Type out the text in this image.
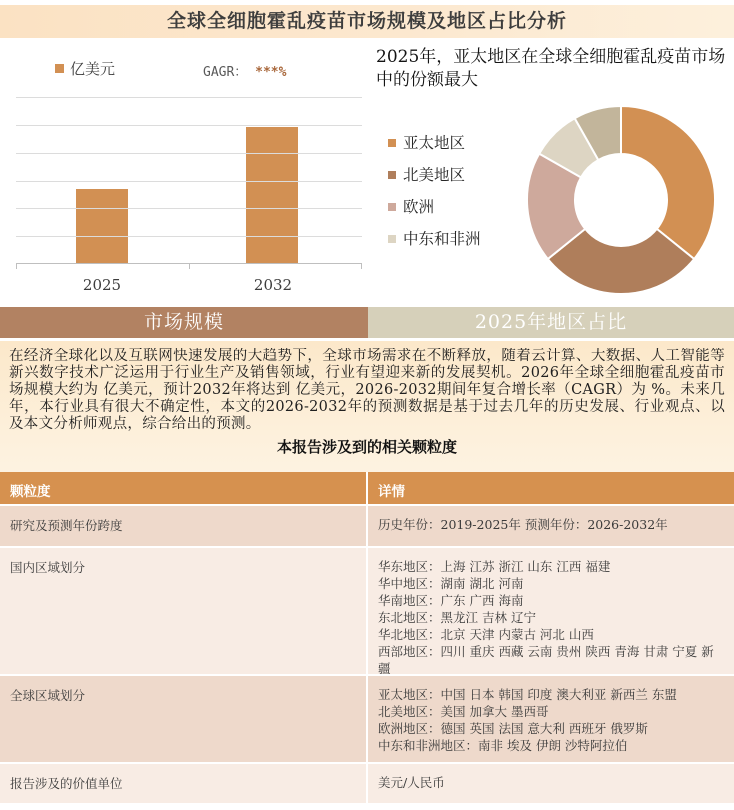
全球全细胞霍乱疫苗市场规模及地区占比分析
亿美元	GAGR： ***%
2025	2032
2025年，亚太地区在全球全细胞霍乱疫苗市场中的份额最大
亚太地区
北美地区
欧洲
中东和非洲
市场规模	2025年地区占比
在经济全球化以及互联网快速发展的大趋势下，全球市场需求在不断释放，随着云计算、大数据、人工智能等新兴数字技术广泛运用于行业生产及销售领域，行业有望迎来新的发展契机。2026年全球全细胞霍乱疫苗市场规模大约为 亿美元，预计2032年将达到 亿美元，2026-2032期间年复合增长率（CAGR）为 %。未来几年，本行业具有很大不确定性，本文的2026-2032年的预测数据是基于过去几年的历史发展、行业观点、以及本文分析师观点，综合给出的预测。
本报告涉及到的相关颗粒度
颗粒度	详情
研究及预测年份跨度	历史年份：2019-2025年 预测年份：2026-2032年
国内区域划分	华东地区：上海 江苏 浙江 山东 江西 福建
华中地区：湖南 湖北 河南
华南地区：广东 广西 海南
东北地区：黑龙江 吉林 辽宁
华北地区：北京 天津 内蒙古 河北 山西
西部地区：四川 重庆 西藏 云南 贵州 陕西 青海 甘肃 宁夏 新疆
全球区域划分	亚太地区：中国 日本 韩国 印度 澳大利亚 新西兰 东盟
北美地区：美国 加拿大 墨西哥
欧洲地区：德国 英国 法国 意大利 西班牙 俄罗斯
中东和非洲地区：南非 埃及 伊朗 沙特阿拉伯
报告涉及的价值单位	美元/人民币
